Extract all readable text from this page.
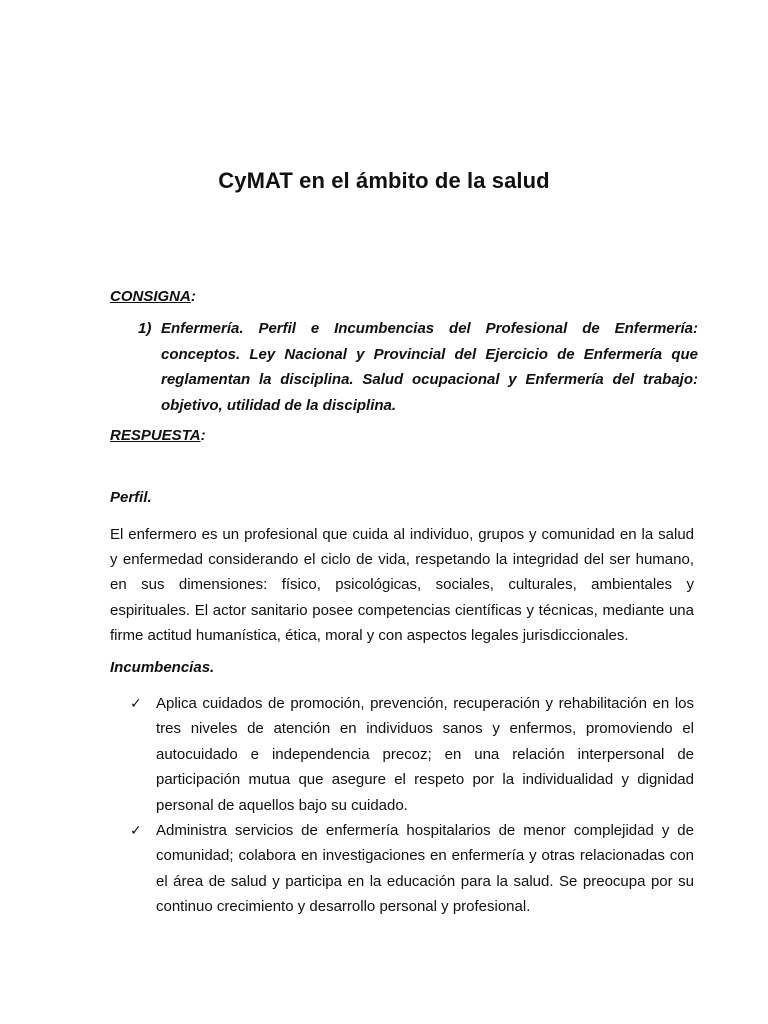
CyMAT en el ámbito de la salud
CONSIGNA:
1) Enfermería. Perfil e Incumbencias del Profesional de Enfermería: conceptos. Ley Nacional y Provincial del Ejercicio de Enfermería que reglamentan la disciplina. Salud ocupacional y Enfermería del trabajo: objetivo, utilidad de la disciplina.
RESPUESTA:
Perfil.
El enfermero es un profesional que cuida al individuo, grupos y comunidad en la salud y enfermedad considerando el ciclo de vida, respetando la integridad del ser humano, en sus dimensiones: físico, psicológicas, sociales, culturales, ambientales y espirituales. El actor sanitario posee competencias científicas y técnicas, mediante una firme actitud humanística, ética, moral y con aspectos legales jurisdiccionales.
Incumbencias.
✓ Aplica cuidados de promoción, prevención, recuperación y rehabilitación en los tres niveles de atención en individuos sanos y enfermos, promoviendo el autocuidado e independencia precoz; en una relación interpersonal de participación mutua que asegure el respeto por la individualidad y dignidad personal de aquellos bajo su cuidado.
✓ Administra servicios de enfermería hospitalarios de menor complejidad y de comunidad; colabora en investigaciones en enfermería y otras relacionadas con el área de salud y participa en la educación para la salud. Se preocupa por su continuo crecimiento y desarrollo personal y profesional.
